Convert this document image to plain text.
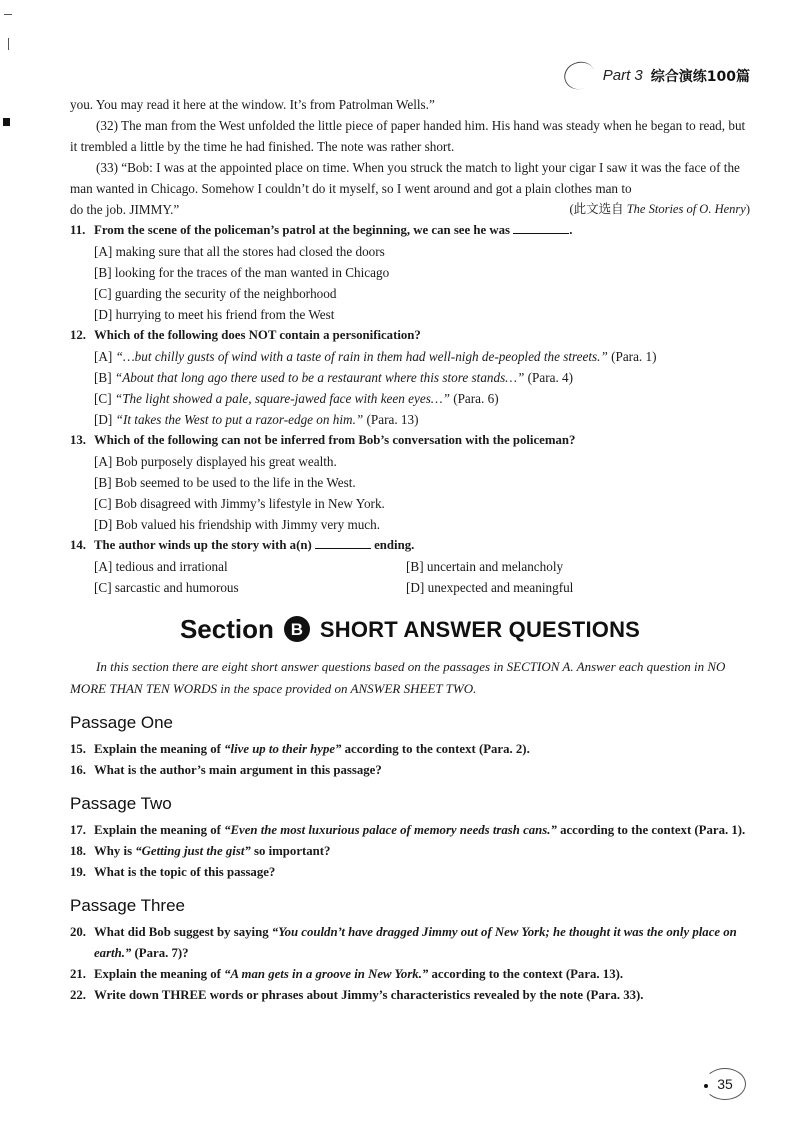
Part 3 综合演练100篇

you. You may read it here at the window. It’s from Patrolman Wells.”

(32) The man from the West unfolded the little piece of paper handed him. His hand was steady when he began to read, but it trembled a little by the time he had finished. The note was rather short.

(33) “Bob: I was at the appointed place on time. When you struck the match to light your cigar I saw it was the face of the man wanted in Chicago. Somehow I couldn’t do it myself, so I went around and got a plain clothes man to

do the job. JIMMY.”	(此文选自 The Stories of O. Henry)
11. From the scene of the policeman’s patrol at the beginning, we can see he was	.

[A] making sure that all the stores had closed the doors

[B] looking for the traces of the man wanted in Chicago

[C] guarding the security of the neighborhood

[D] hurrying to meet his friend from the West

12. Which of the following does NOT contain a personification?

[A] “…but chilly gusts of wind with a taste of rain in them had well-nigh de-peopled the streets.” (Para. 1)

[B] “About that long ago there used to be a restaurant where this store stands…” (Para. 4)

[C] “The light showed a pale, square-jawed face with keen eyes…” (Para. 6)

[D] “It takes the West to put a razor-edge on him.” (Para. 13)

13. Which of the following can not be inferred from Bob’s conversation with the policeman?

[A] Bob purposely displayed his great wealth.

[B] Bob seemed to be used to the life in the West.

[C] Bob disagreed with Jimmy’s lifestyle in New York.

[D] Bob valued his friendship with Jimmy very much.

14. The author winds up the story with a(n)	ending.
[A] tedious and irrational	[B] uncertain and melancholy
[C] sarcastic and humorous	[D] unexpected and meaningful
Section B SHORT ANSWER QUESTIONS

In this section there are eight short answer questions based on the passages in SECTION A. Answer each question in NO MORE THAN TEN WORDS in the space provided on ANSWER SHEET TWO.

Passage One
15. Explain the meaning of “live up to their hype” according to the context (Para. 2).
16. What is the author’s main argument in this passage?
Passage Two
17. Explain the meaning of “Even the most luxurious palace of memory needs trash cans.” according to the context (Para. 1).
18. Why is “Getting just the gist” so important?
19. What is the topic of this passage?
Passage Three
20. What did Bob suggest by saying “You couldn’t have dragged Jimmy out of New York; he thought it was the only place on earth.” (Para. 7)?
21. Explain the meaning of “A man gets in a groove in New York.” according to the context (Para. 13).
22. Write down THREE words or phrases about Jimmy’s characteristics revealed by the note (Para. 33).
35
